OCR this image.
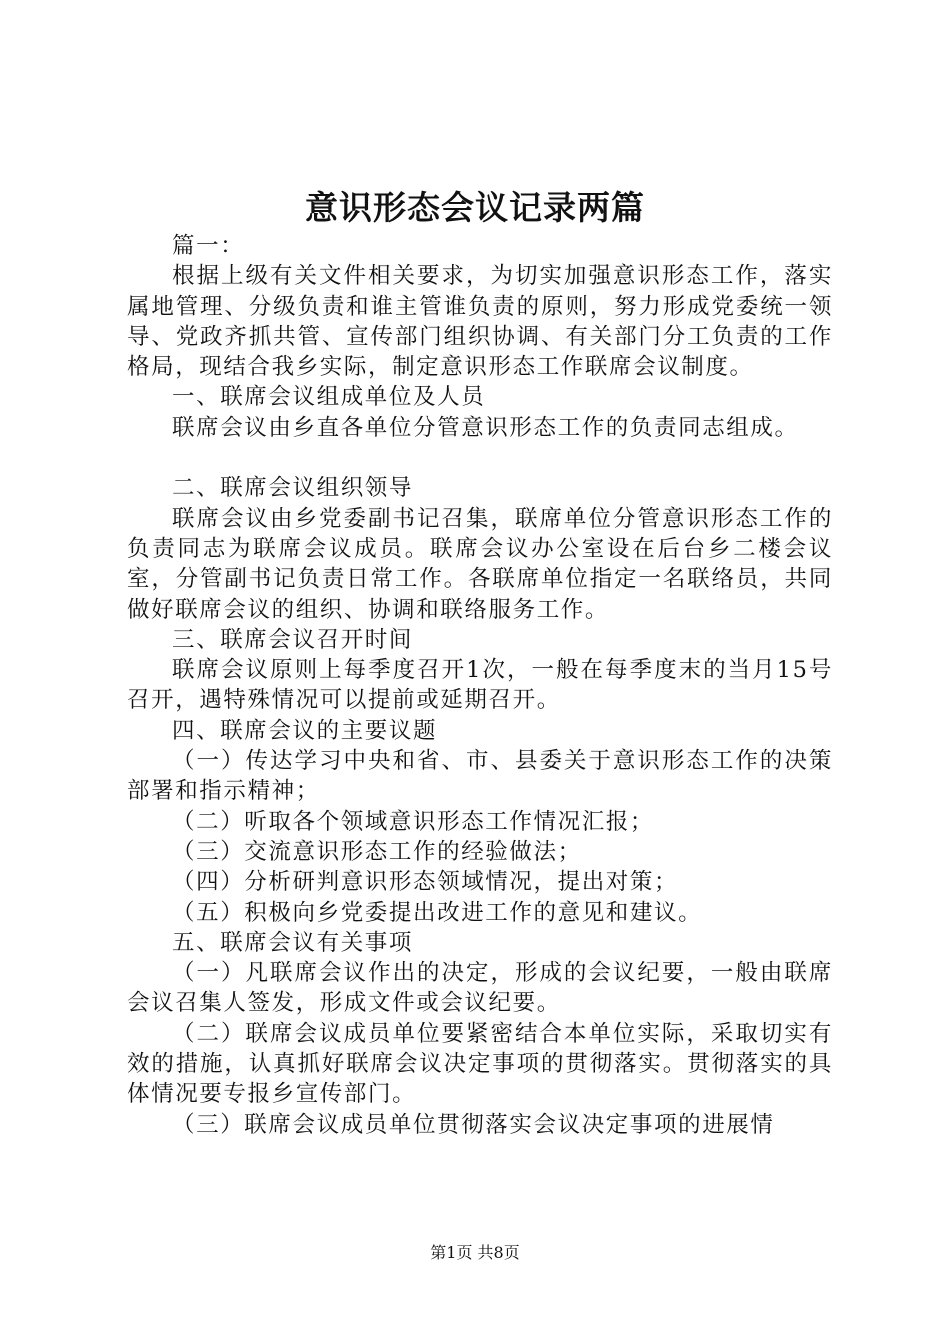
意识形态会议记录两篇

篇一：

根据上级有关文件相关要求，为切实加强意识形态工作，落实属地管理、分级负责和谁主管谁负责的原则，努力形成党委统一领导、党政齐抓共管、宣传部门组织协调、有关部门分工负责的工作格局，现结合我乡实际，制定意识形态工作联席会议制度。

一、联席会议组成单位及人员

联席会议由乡直各单位分管意识形态工作的负责同志组成。

二、联席会议组织领导

联席会议由乡党委副书记召集，联席单位分管意识形态工作的负责同志为联席会议成员。联席会议办公室设在后台乡二楼会议室，分管副书记负责日常工作。各联席单位指定一名联络员，共同做好联席会议的组织、协调和联络服务工作。

三、联席会议召开时间

联席会议原则上每季度召开1次，一般在每季度末的当月15号召开，遇特殊情况可以提前或延期召开。

四、联席会议的主要议题

（一）传达学习中央和省、市、县委关于意识形态工作的决策部署和指示精神；

（二）听取各个领域意识形态工作情况汇报；

（三）交流意识形态工作的经验做法；

（四）分析研判意识形态领域情况，提出对策；

（五）积极向乡党委提出改进工作的意见和建议。

五、联席会议有关事项

（一）凡联席会议作出的决定，形成的会议纪要，一般由联席会议召集人签发，形成文件或会议纪要。

（二）联席会议成员单位要紧密结合本单位实际，采取切实有效的措施，认真抓好联席会议决定事项的贯彻落实。贯彻落实的具体情况要专报乡宣传部门。

（三）联席会议成员单位贯彻落实会议决定事项的进展情

第1页 共8页
